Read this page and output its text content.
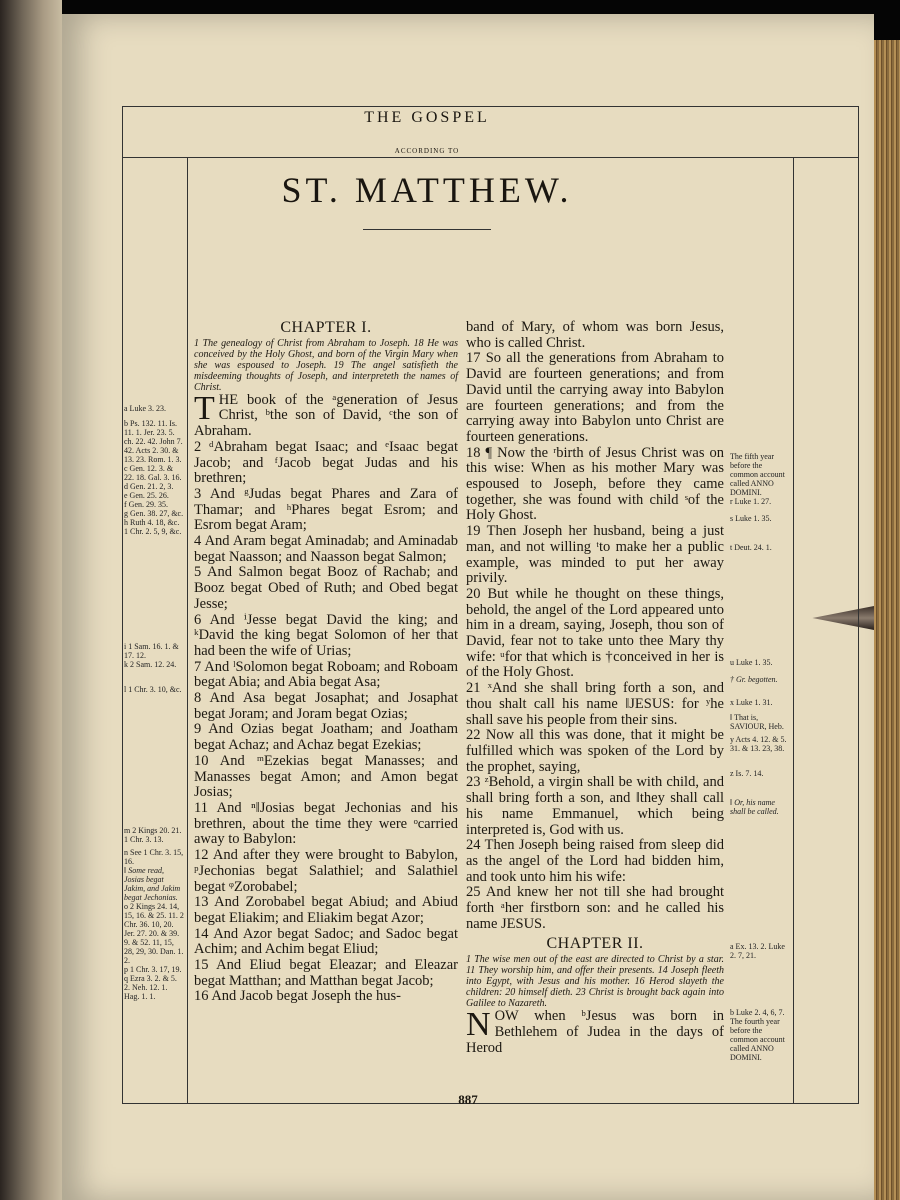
THE GOSPEL
ACCORDING TO
ST. MATTHEW.
a Luke 3. 23.
b Ps. 132. 11. Is. 11. 1. Jer. 23. 5. ch. 22. 42. John 7. 42. Acts 2. 30. & 13. 23. Rom. 1. 3.
c Gen. 12. 3. & 22. 18. Gal. 3. 16.
d Gen. 21. 2, 3.
e Gen. 25. 26.
f Gen. 29. 35.
g Gen. 38. 27, &c.
h Ruth 4. 18, &c. 1 Chr. 2. 5, 9, &c.
i 1 Sam. 16. 1. & 17. 12.
k 2 Sam. 12. 24.
l 1 Chr. 3. 10, &c.
m 2 Kings 20. 21. 1 Chr. 3. 13.
n See 1 Chr. 3. 15, 16.
‖ Some read, Josias begat Jakim, and Jakim begat Jechonias.
o 2 Kings 24. 14, 15, 16. & 25. 11. 2 Chr. 36. 10, 20. Jer. 27. 20. & 39. 9. & 52. 11, 15, 28, 29, 30. Dan. 1. 2.
p 1 Chr. 3. 17, 19.
q Ezra 3. 2. & 5. 2. Neh. 12. 1. Hag. 1. 1.
CHAPTER I.

1 The genealogy of Christ from Abraham to Joseph. 18 He was conceived by the Holy Ghost, and born of the Virgin Mary when she was espoused to Joseph. 19 The angel satisfieth the misdeeming thoughts of Joseph, and interpreteth the names of Christ.

THE book of the ᵃgeneration of Jesus Christ, ᵇthe son of David, ᶜthe son of Abraham.

2 ᵈAbraham begat Isaac; and ᵉIsaac begat Jacob; and ᶠJacob begat Judas and his brethren;

3 And ᵍJudas begat Phares and Zara of Thamar; and ʰPhares begat Esrom; and Esrom begat Aram;

4 And Aram begat Aminadab; and Aminadab begat Naasson; and Naasson begat Salmon;

5 And Salmon begat Booz of Rachab; and Booz begat Obed of Ruth; and Obed begat Jesse;

6 And ⁱJesse begat David the king; and ᵏDavid the king begat Solomon of her that had been the wife of Urias;

7 And ˡSolomon begat Roboam; and Roboam begat Abia; and Abia begat Asa;

8 And Asa begat Josaphat; and Josaphat begat Joram; and Joram begat Ozias;

9 And Ozias begat Joatham; and Joatham begat Achaz; and Achaz begat Ezekias;

10 And ᵐEzekias begat Manasses; and Manasses begat Amon; and Amon begat Josias;

11 And ⁿ‖Josias begat Jechonias and his brethren, about the time they were ᵒcarried away to Babylon:

12 And after they were brought to Babylon, ᵖJechonias begat Salathiel; and Salathiel begat ᵠZorobabel;

13 And Zorobabel begat Abiud; and Abiud begat Eliakim; and Eliakim begat Azor;

14 And Azor begat Sadoc; and Sadoc begat Achim; and Achim begat Eliud;

15 And Eliud begat Eleazar; and Eleazar begat Matthan; and Matthan begat Jacob;

16 And Jacob begat Joseph the hus-

band of Mary, of whom was born Jesus, who is called Christ.

17 So all the generations from Abraham to David are fourteen generations; and from David until the carrying away into Babylon are fourteen generations; and from the carrying away into Babylon unto Christ are fourteen generations.

18 ¶ Now the ʳbirth of Jesus Christ was on this wise: When as his mother Mary was espoused to Joseph, before they came together, she was found with child ˢof the Holy Ghost.

19 Then Joseph her husband, being a just man, and not willing ᵗto make her a public example, was minded to put her away privily.

20 But while he thought on these things, behold, the angel of the Lord appeared unto him in a dream, saying, Joseph, thou son of David, fear not to take unto thee Mary thy wife: ᵘfor that which is †conceived in her is of the Holy Ghost.

21 ˣAnd she shall bring forth a son, and thou shalt call his name ‖JESUS: for ʸhe shall save his people from their sins.

22 Now all this was done, that it might be fulfilled which was spoken of the Lord by the prophet, saying,

23 ᶻBehold, a virgin shall be with child, and shall bring forth a son, and ‖they shall call his name Emmanuel, which being interpreted is, God with us.

24 Then Joseph being raised from sleep did as the angel of the Lord had bidden him, and took unto him his wife:

25 And knew her not till she had brought forth ᵃher firstborn son: and he called his name JESUS.

CHAPTER II.

1 The wise men out of the east are directed to Christ by a star. 11 They worship him, and offer their presents. 14 Joseph fleeth into Egypt, with Jesus and his mother. 16 Herod slayeth the children: 20 himself dieth. 23 Christ is brought back again into Galilee to Nazareth.

NOW when ᵇJesus was born in Bethlehem of Judea in the days of Herod

The fifth year before the common account called ANNO DOMINI.
r Luke 1. 27.
s Luke 1. 35.
t Deut. 24. 1.
u Luke 1. 35.
† Gr. begotten.
x Luke 1. 31.
‖ That is, SAVIOUR, Heb.
y Acts 4. 12. & 5. 31. & 13. 23, 38.
z Is. 7. 14.
‖ Or, his name shall be called.
a Ex. 13. 2. Luke 2. 7, 21.
b Luke 2. 4, 6, 7.
The fourth year before the common account called ANNO DOMINI.
887
